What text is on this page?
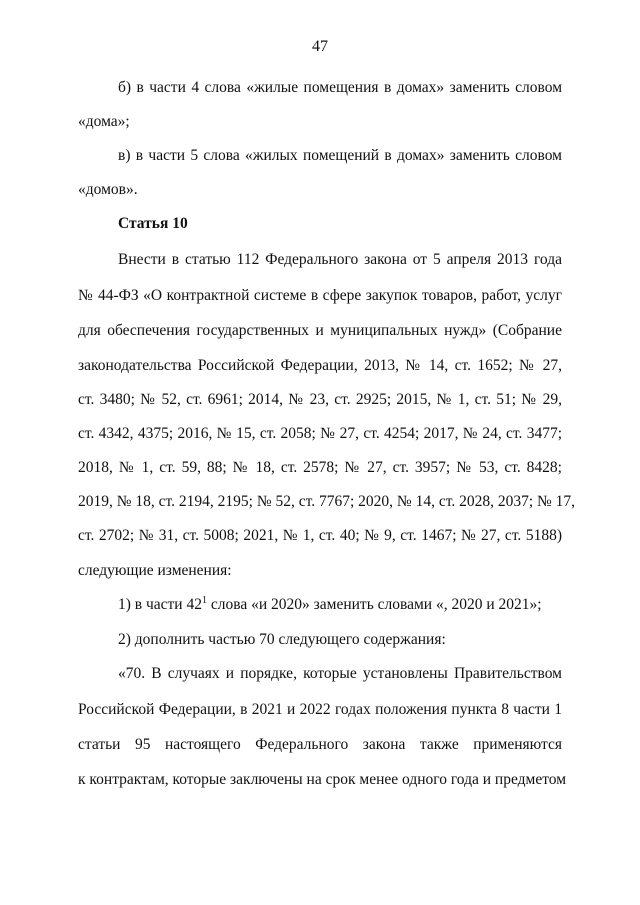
47
б) в части 4 слова «жилые помещения в домах» заменить словом
«дома»;
в) в части 5 слова «жилых помещений в домах» заменить словом
«домов».
Статья 10
Внести в статью 112 Федерального закона от 5 апреля 2013 года
№ 44-ФЗ «О контрактной системе в сфере закупок товаров, работ, услуг
для обеспечения государственных и муниципальных нужд» (Собрание
законодательства Российской Федерации, 2013, № 14, ст. 1652; № 27,
ст. 3480; № 52, ст. 6961; 2014, № 23, ст. 2925; 2015, № 1, ст. 51; № 29,
ст. 4342, 4375; 2016, № 15, ст. 2058; № 27, ст. 4254; 2017, № 24, ст. 3477;
2018, № 1, ст. 59, 88; № 18, ст. 2578; № 27, ст. 3957; № 53, ст. 8428;
2019, № 18, ст. 2194, 2195; № 52, ст. 7767; 2020, № 14, ст. 2028, 2037; № 17,
ст. 2702; № 31, ст. 5008; 2021, № 1, ст. 40; № 9, ст. 1467; № 27, ст. 5188)
следующие изменения:
1) в части $42^1$ слова «и 2020» заменить словами «, 2020 и 2021»;
2) дополнить частью 70 следующего содержания:
«70. В случаях и порядке, которые установлены Правительством
Российской Федерации, в 2021 и 2022 годах положения пункта 8 части 1
статьи 95 настоящего Федерального закона также применяются
к контрактам, которые заключены на срок менее одного года и предметом
